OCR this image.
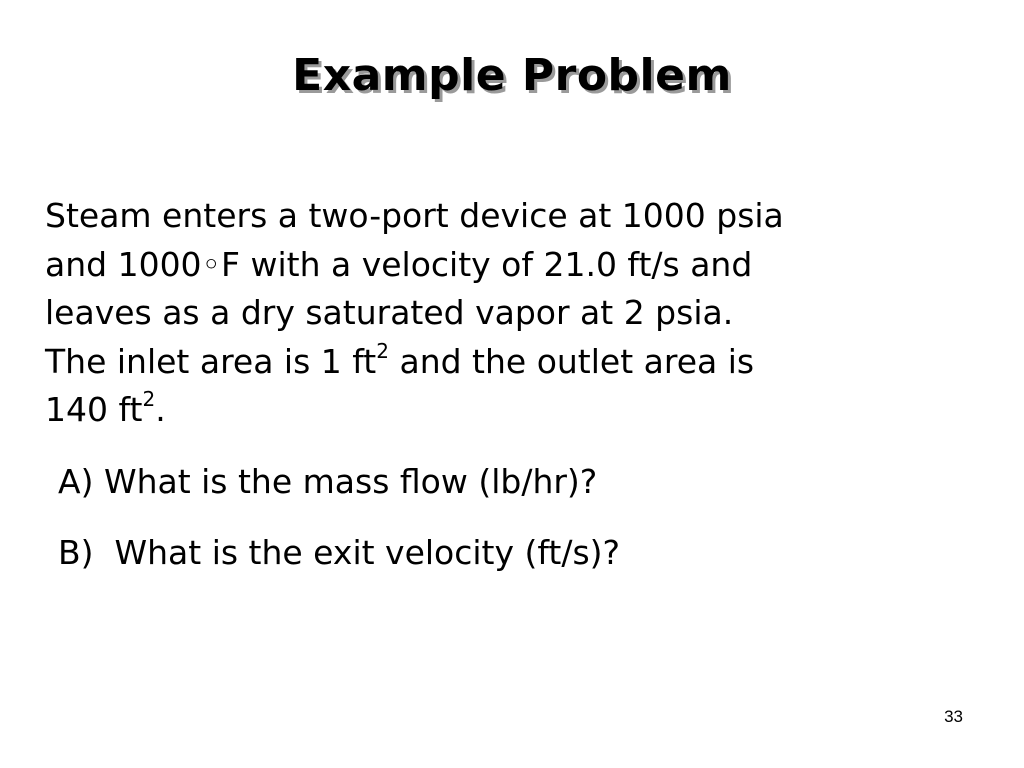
Example Problem

Steam enters a two-port device at 1000 psia
and 1000◦F with a velocity of 21.0 ft/s and
leaves as a dry saturated vapor at 2 psia.
The inlet area is 1 $ft^2$ and the outlet area is
140 $ft^2$.

A) What is the mass flow (lb/hr)?

B)  What is the exit velocity (ft/s)?

33
